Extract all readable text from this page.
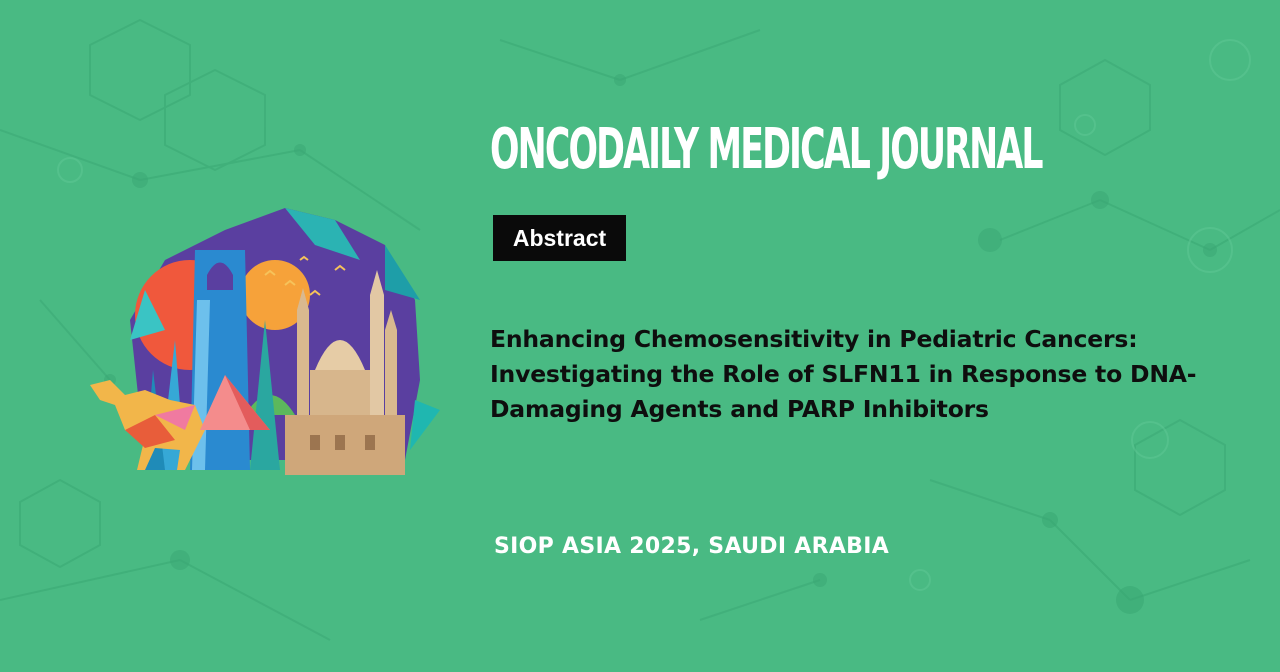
ONCODAILY MEDICAL JOURNAL
Abstract
Enhancing Chemosensitivity in Pediatric Cancers: Investigating the Role of SLFN11 in Response to DNA-Damaging Agents and PARP Inhibitors

SIOP ASIA 2025, SAUDI ARABIA
